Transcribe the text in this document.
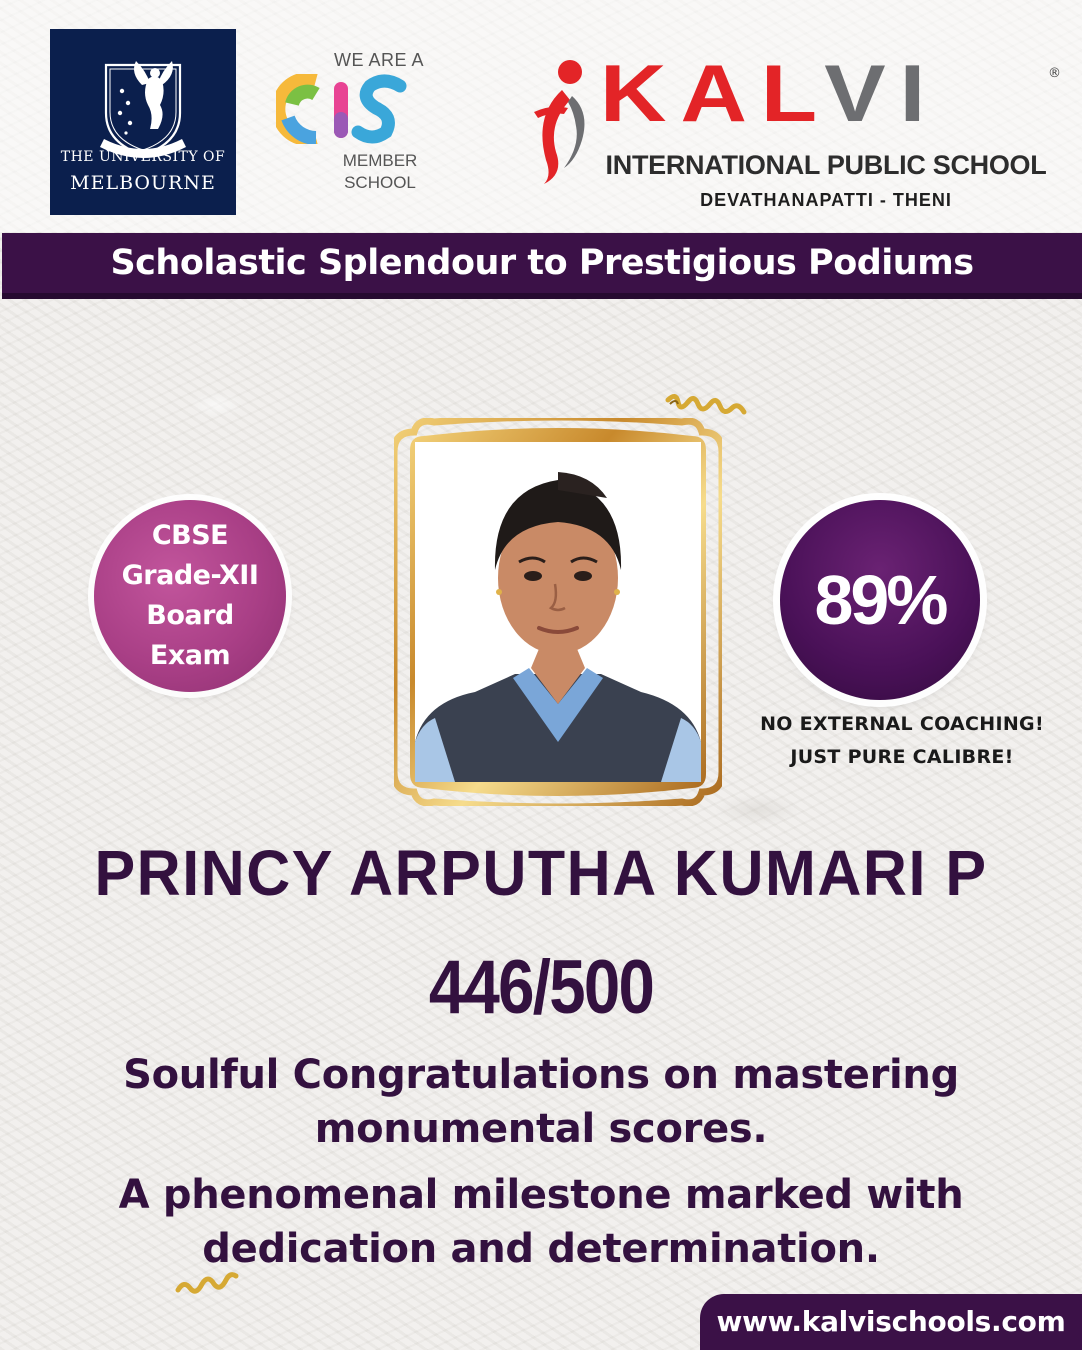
THE UNIVERSITY OF
MELBOURNE
WE ARE A
MEMBER
SCHOOL
KALVI	®
INTERNATIONAL PUBLIC SCHOOL
DEVATHANAPATTI - THENI
Scholastic Splendour to Prestigious Podiums
CBSE
Grade-XII
Board
Exam
89%
NO EXTERNAL COACHING!
JUST PURE CALIBRE!
PRINCY ARPUTHA KUMARI P
446/500
Soulful Congratulations on mastering
monumental scores.
A phenomenal milestone marked with
dedication and determination.
www.kalvischools.com
